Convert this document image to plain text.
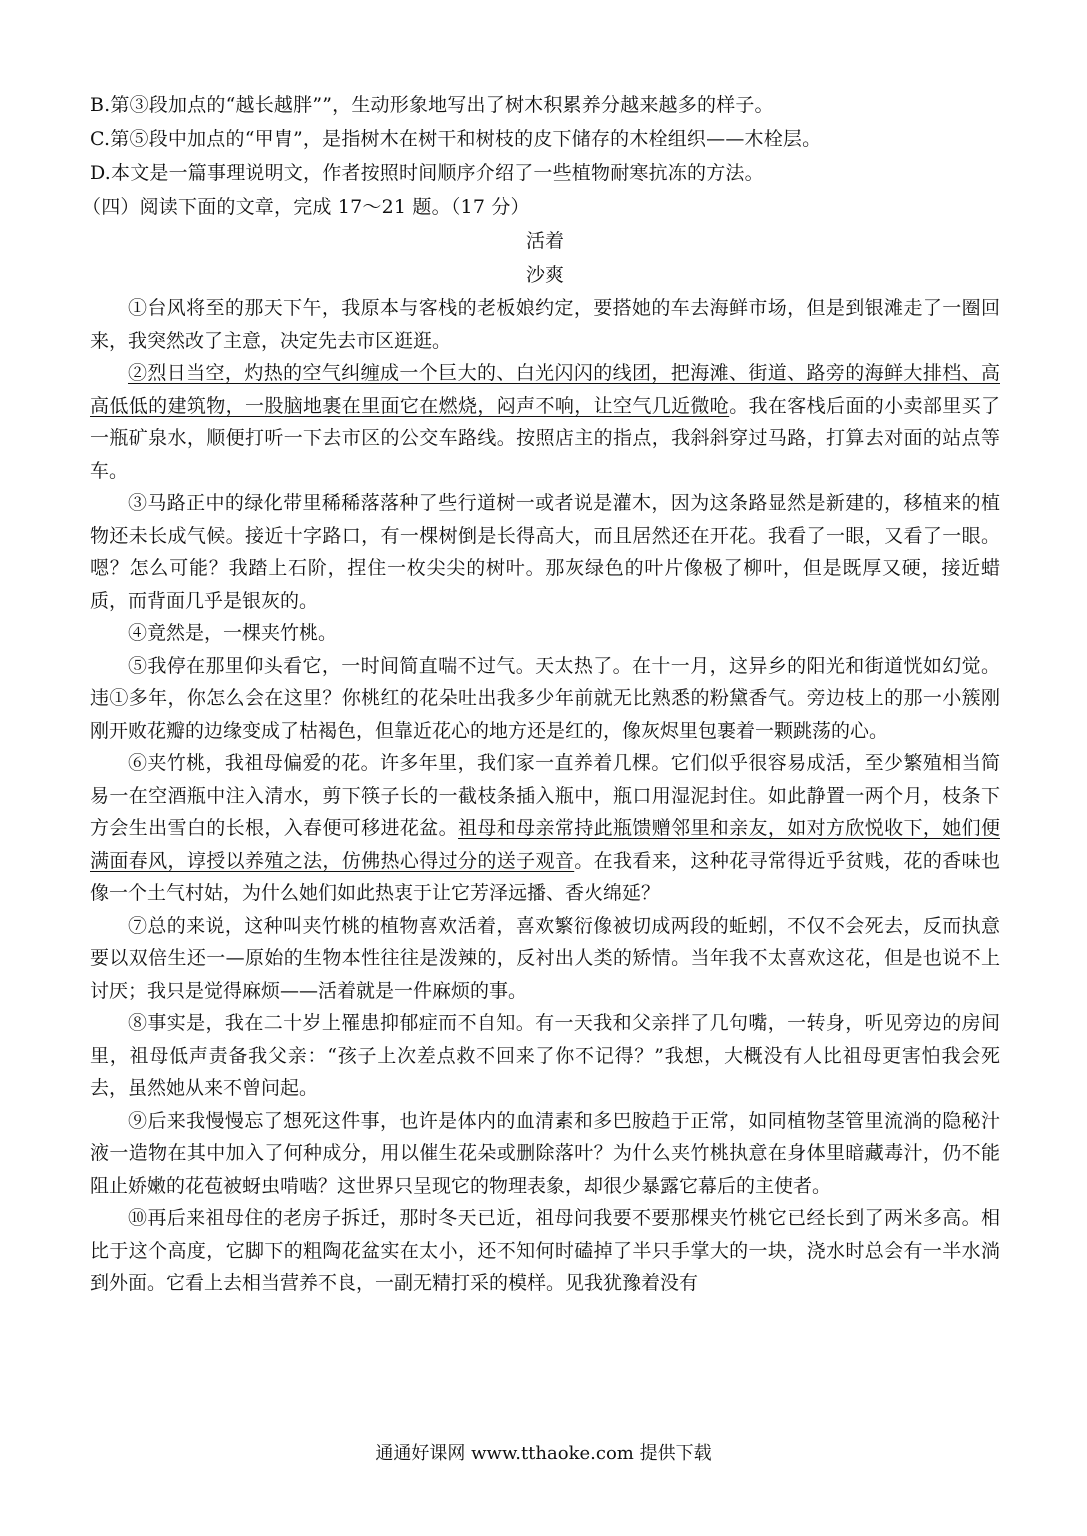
B.第③段加点的“越长越胖””，生动形象地写出了树木积累养分越来越多的样子。
C.第⑤段中加点的“甲胄”，是指树木在树干和树枝的皮下储存的木栓组织——木栓层。
D.本文是一篇事理说明文，作者按照时间顺序介绍了一些植物耐寒抗冻的方法。
（四）阅读下面的文章，完成 17～21 题。（17 分）
活着
沙爽

①台风将至的那天下午，我原本与客栈的老板娘约定，要搭她的车去海鲜市场，但是到银滩走了一圈回来，我突然改了主意，决定先去市区逛逛。

②烈日当空，灼热的空气纠缠成一个巨大的、白光闪闪的线团，把海滩、街道、路旁的海鲜大排档、高高低低的建筑物，一股脑地裹在里面它在燃烧，闷声不响，让空气几近微呛。我在客栈后面的小卖部里买了一瓶矿泉水，顺便打听一下去市区的公交车路线。按照店主的指点，我斜斜穿过马路，打算去对面的站点等车。

③马路正中的绿化带里稀稀落落种了些行道树一或者说是灌木，因为这条路显然是新建的，移植来的植物还未长成气候。接近十字路口，有一棵树倒是长得高大，而且居然还在开花。我看了一眼，又看了一眼。嗯？怎么可能？我踏上石阶，捏住一枚尖尖的树叶。那灰绿色的叶片像极了柳叶，但是既厚又硬，接近蜡质，而背面几乎是银灰的。

④竟然是，一棵夹竹桃。

⑤我停在那里仰头看它，一时间简直喘不过气。天太热了。在十一月，这异乡的阳光和街道恍如幻觉。违①多年，你怎么会在这里？你桃红的花朵吐出我多少年前就无比熟悉的粉黛香气。旁边枝上的那一小簇刚刚开败花瓣的边缘变成了枯褐色，但靠近花心的地方还是红的，像灰烬里包裹着一颗跳荡的心。

⑥夹竹桃，我祖母偏爱的花。许多年里，我们家一直养着几棵。它们似乎很容易成活，至少繁殖相当简易一在空酒瓶中注入清水，剪下筷子长的一截枝条插入瓶中，瓶口用湿泥封住。如此静置一两个月，枝条下方会生出雪白的长根，入春便可移进花盆。祖母和母亲常持此瓶馈赠邻里和亲友，如对方欣悦收下，她们便满面春风，谆授以养殖之法，仿佛热心得过分的送子观音。在我看来，这种花寻常得近乎贫贱，花的香味也像一个土气村姑，为什么她们如此热衷于让它芳泽远播、香火绵延？

⑦总的来说，这种叫夹竹桃的植物喜欢活着，喜欢繁衍像被切成两段的蚯蚓，不仅不会死去，反而执意要以双倍生还一—原始的生物本性往往是泼辣的，反衬出人类的矫情。当年我不太喜欢这花，但是也说不上讨厌；我只是觉得麻烦——活着就是一件麻烦的事。

⑧事实是，我在二十岁上罹患抑郁症而不自知。有一天我和父亲拌了几句嘴，一转身，听见旁边的房间里，祖母低声责备我父亲：“孩子上次差点救不回来了你不记得？”我想，大概没有人比祖母更害怕我会死去，虽然她从来不曾问起。

⑨后来我慢慢忘了想死这件事，也许是体内的血清素和多巴胺趋于正常，如同植物茎管里流淌的隐秘汁液一造物在其中加入了何种成分，用以催生花朵或删除落叶？为什么夹竹桃执意在身体里暗藏毒汁，仍不能阻止娇嫩的花苞被蚜虫啃啮？这世界只呈现它的物理表象，却很少暴露它幕后的主使者。

⑩再后来祖母住的老房子拆迁，那时冬天已近，祖母问我要不要那棵夹竹桃它已经长到了两米多高。相比于这个高度，它脚下的粗陶花盆实在太小，还不知何时磕掉了半只手掌大的一块，浇水时总会有一半水淌到外面。它看上去相当营养不良，一副无精打采的模样。见我犹豫着没有

通通好课网 www.tthaoke.com 提供下载
